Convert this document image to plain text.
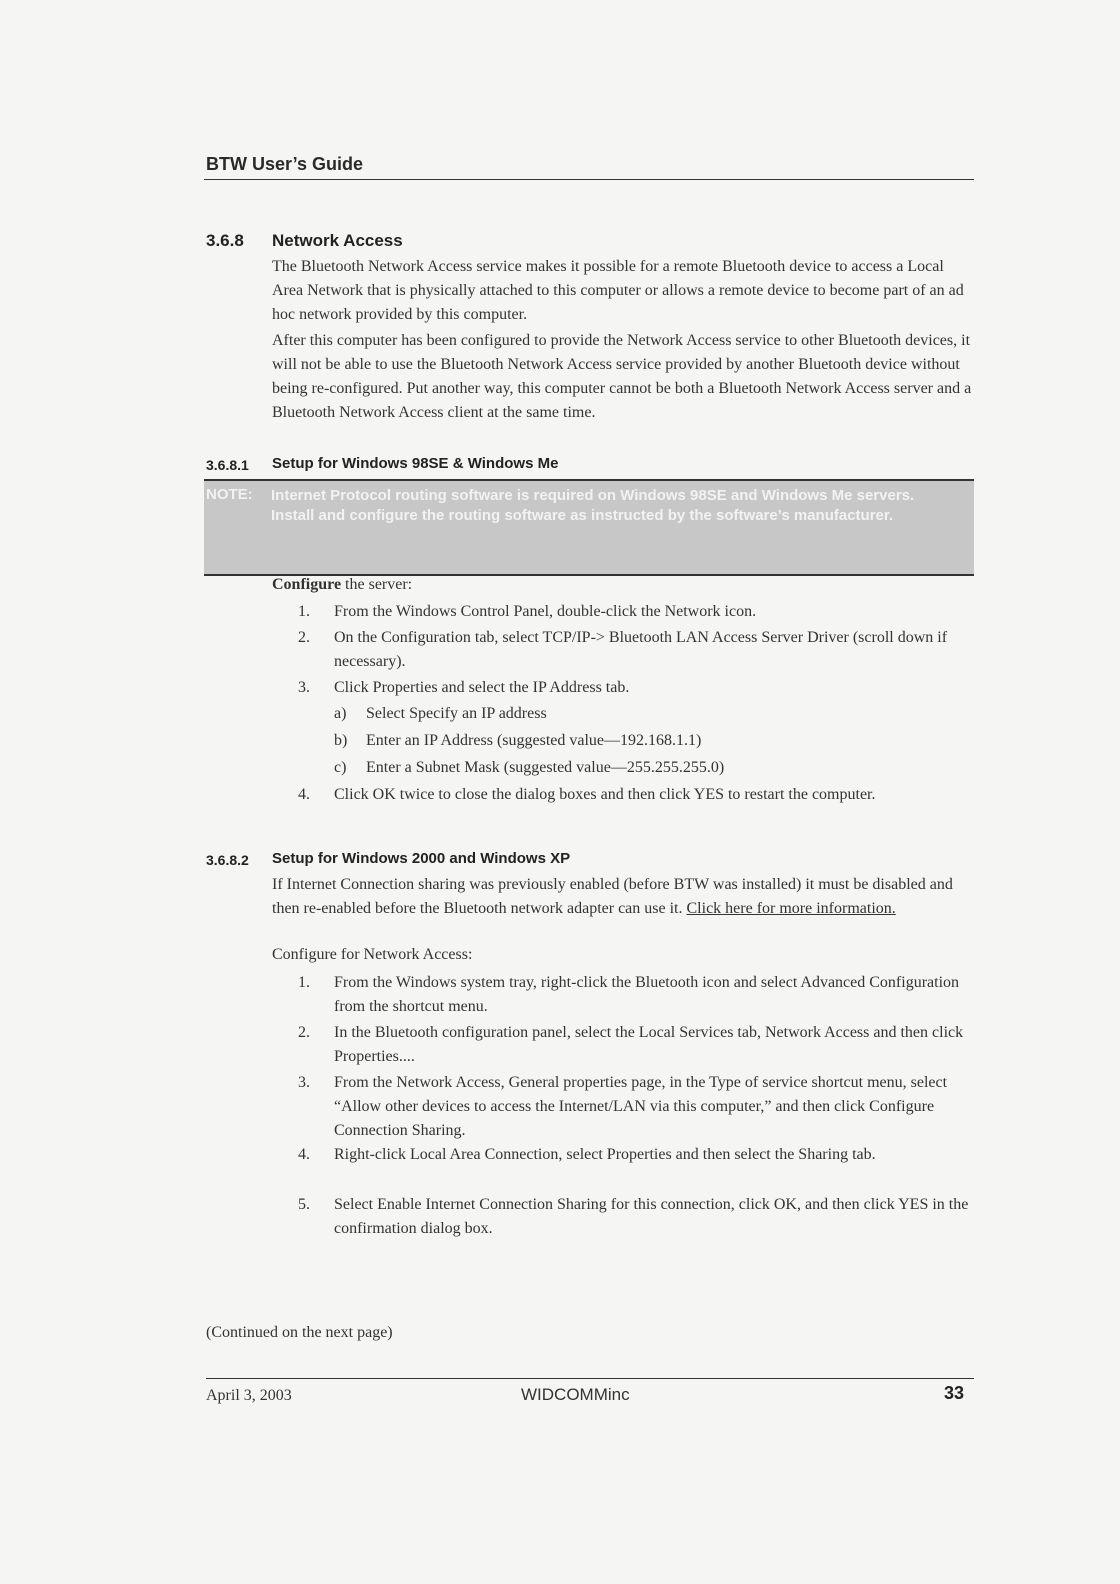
BTW User’s Guide
3.6.8 Network Access
The Bluetooth Network Access service makes it possible for a remote Bluetooth device to access a Local Area Network that is physically attached to this computer or allows a remote device to become part of an ad hoc network provided by this computer.
After this computer has been configured to provide the Network Access service to other Bluetooth devices, it will not be able to use the Bluetooth Network Access service provided by another Bluetooth device without being re-configured. Put another way, this computer cannot be both a Bluetooth Network Access server and a Bluetooth Network Access client at the same time.
3.6.8.1 Setup for Windows 98SE & Windows Me
NOTE: Internet Protocol routing software is required on Windows 98SE and Windows Me servers.
Install and configure the routing software as instructed by the software’s manufacturer.
Configure the server:
1.	From the Windows Control Panel, double-click the Network icon.
2.	On the Configuration tab, select TCP/IP-> Bluetooth LAN Access Server Driver (scroll down if necessary).
3.	Click Properties and select the IP Address tab.
a)	Select Specify an IP address
b)	Enter an IP Address (suggested value—192.168.1.1)
c)	Enter a Subnet Mask (suggested value—255.255.255.0)
4.	Click OK twice to close the dialog boxes and then click YES to restart the computer.
3.6.8.2 Setup for Windows 2000 and Windows XP
If Internet Connection sharing was previously enabled (before BTW was installed) it must be disabled and then re-enabled before the Bluetooth network adapter can use it. Click here for more information.
Configure for Network Access:
1.	From the Windows system tray, right-click the Bluetooth icon and select Advanced Configuration from the shortcut menu.
2.	In the Bluetooth configuration panel, select the Local Services tab, Network Access and then click Properties....
3.	From the Network Access, General properties page, in the Type of service shortcut menu, select “Allow other devices to access the Internet/LAN via this computer,” and then click Configure Connection Sharing.
4.	Right-click Local Area Connection, select Properties and then select the Sharing tab.
5.	Select Enable Internet Connection Sharing for this connection, click OK, and then click YES in the confirmation dialog box.
(Continued on the next page)
April 3, 2003	WIDCOMMinc	33
